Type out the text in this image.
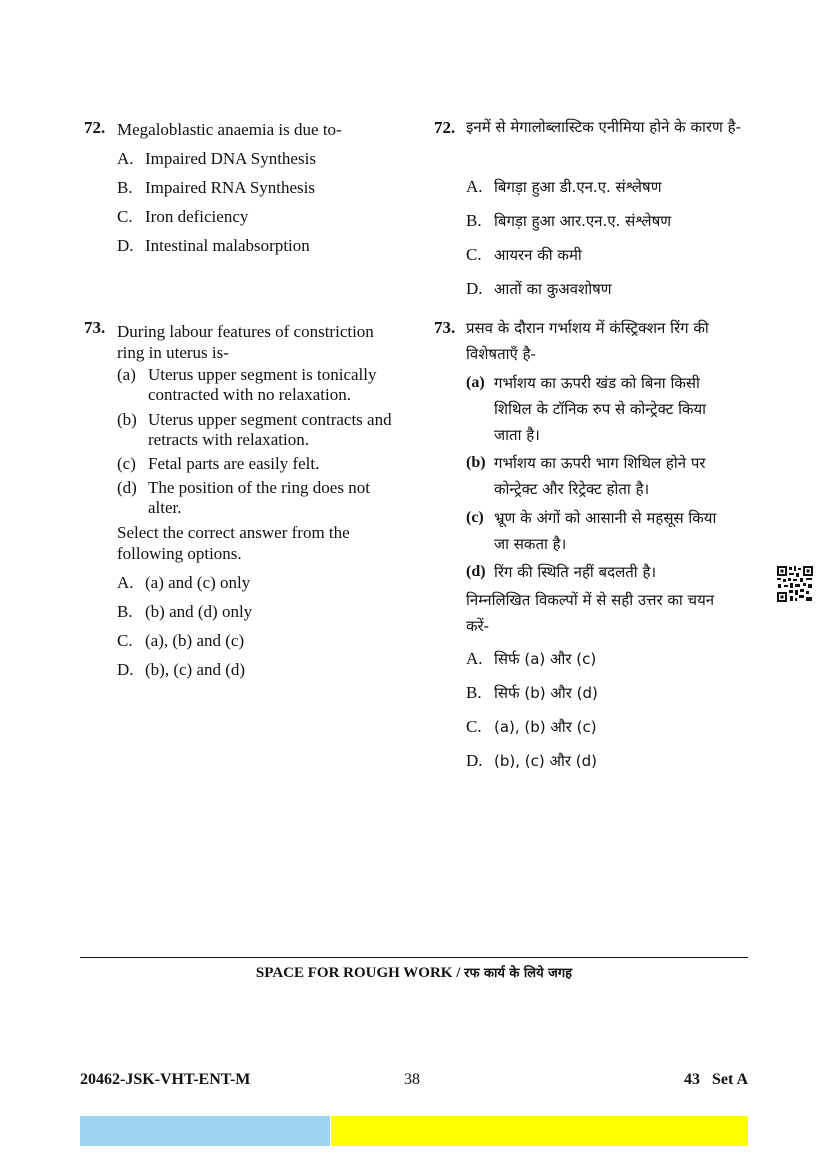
72. Megaloblastic anaemia is due to-
A. Impaired DNA Synthesis
B. Impaired RNA Synthesis
C. Iron deficiency
D. Intestinal malabsorption
73. During labour features of constriction ring in uterus is-
(a) Uterus upper segment is tonically contracted with no relaxation.
(b) Uterus upper segment contracts and retracts with relaxation.
(c) Fetal parts are easily felt.
(d) The position of the ring does not alter.
Select the correct answer from the following options.
A. (a) and (c) only
B. (b) and (d) only
C. (a), (b) and (c)
D. (b), (c) and (d)
72. इनमें से मेगालोब्लास्टिक एनीमिया होने के कारण है-
A. बिगड़ा हुआ डी.एन.ए. संश्लेषण
B. बिगड़ा हुआ आर.एन.ए. संश्लेषण
C. आयरन की कमी
D. आतों का कुअवशोषण
73. प्रसव के दौरान गर्भाशय में कंस्ट्रिक्शन रिंग की विशेषताएँ है-
(a) गर्भाशय का ऊपरी खंड को बिना किसी शिथिल के टॉनिक रुप से कोन्ट्रेक्ट किया जाता है।
(b) गर्भाशय का ऊपरी भाग शिथिल होने पर कोन्ट्रेक्ट और रिट्रेक्ट होता है।
(c) भ्रूण के अंगों को आसानी से महसूस किया जा सकता है।
(d) रिंग की स्थिति नहीं बदलती है।
निम्नलिखित विकल्पों में से सही उत्तर का चयन करें-
A. सिर्फ (a) और (c)
B. सिर्फ (b) और (d)
C. (a), (b) और (c)
D. (b), (c) और (d)
SPACE FOR ROUGH WORK / रफ कार्य के लिये जगह
20462-JSK-VHT-ENT-M	38	43   Set A
